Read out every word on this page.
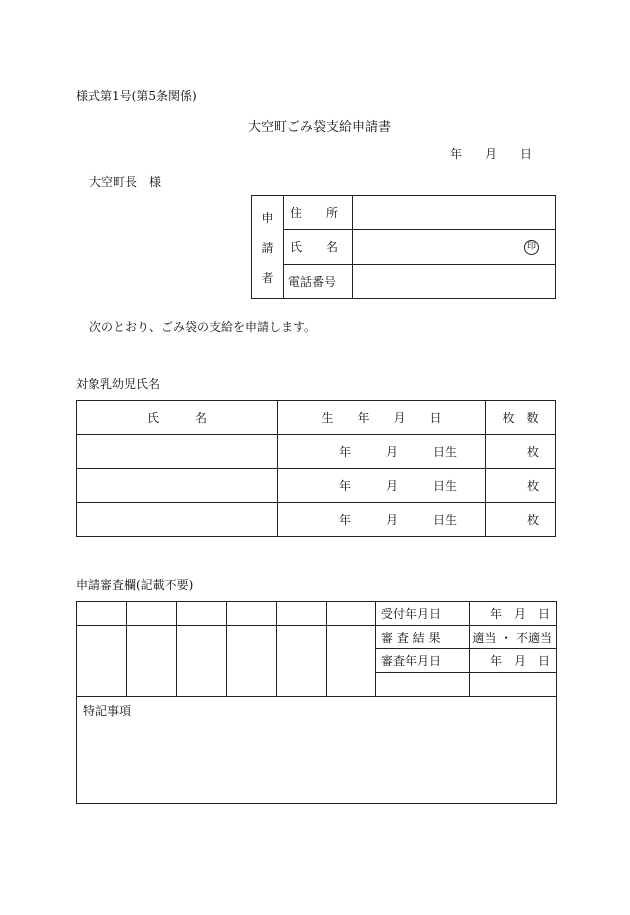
様式第1号(第5条関係)
大空町ごみ袋支給申請書
年 月 日
大空町長　様
申
請
者	住　　所	
	氏　　名	印
	電話番号	
次のとおり、ごみ袋の支給を申請します。
対象乳幼児氏名
氏　　　名	生　　年　　月　　日	枚　数

	年 月 日生	枚

	年 月 日生	枚

	年 月 日生	枚
申請審査欄(記載不要)
						受付年月日	年　月　日
						審 査 結 果	適当 ・ 不適当
						審査年月日	年　月　日

特記事項							
